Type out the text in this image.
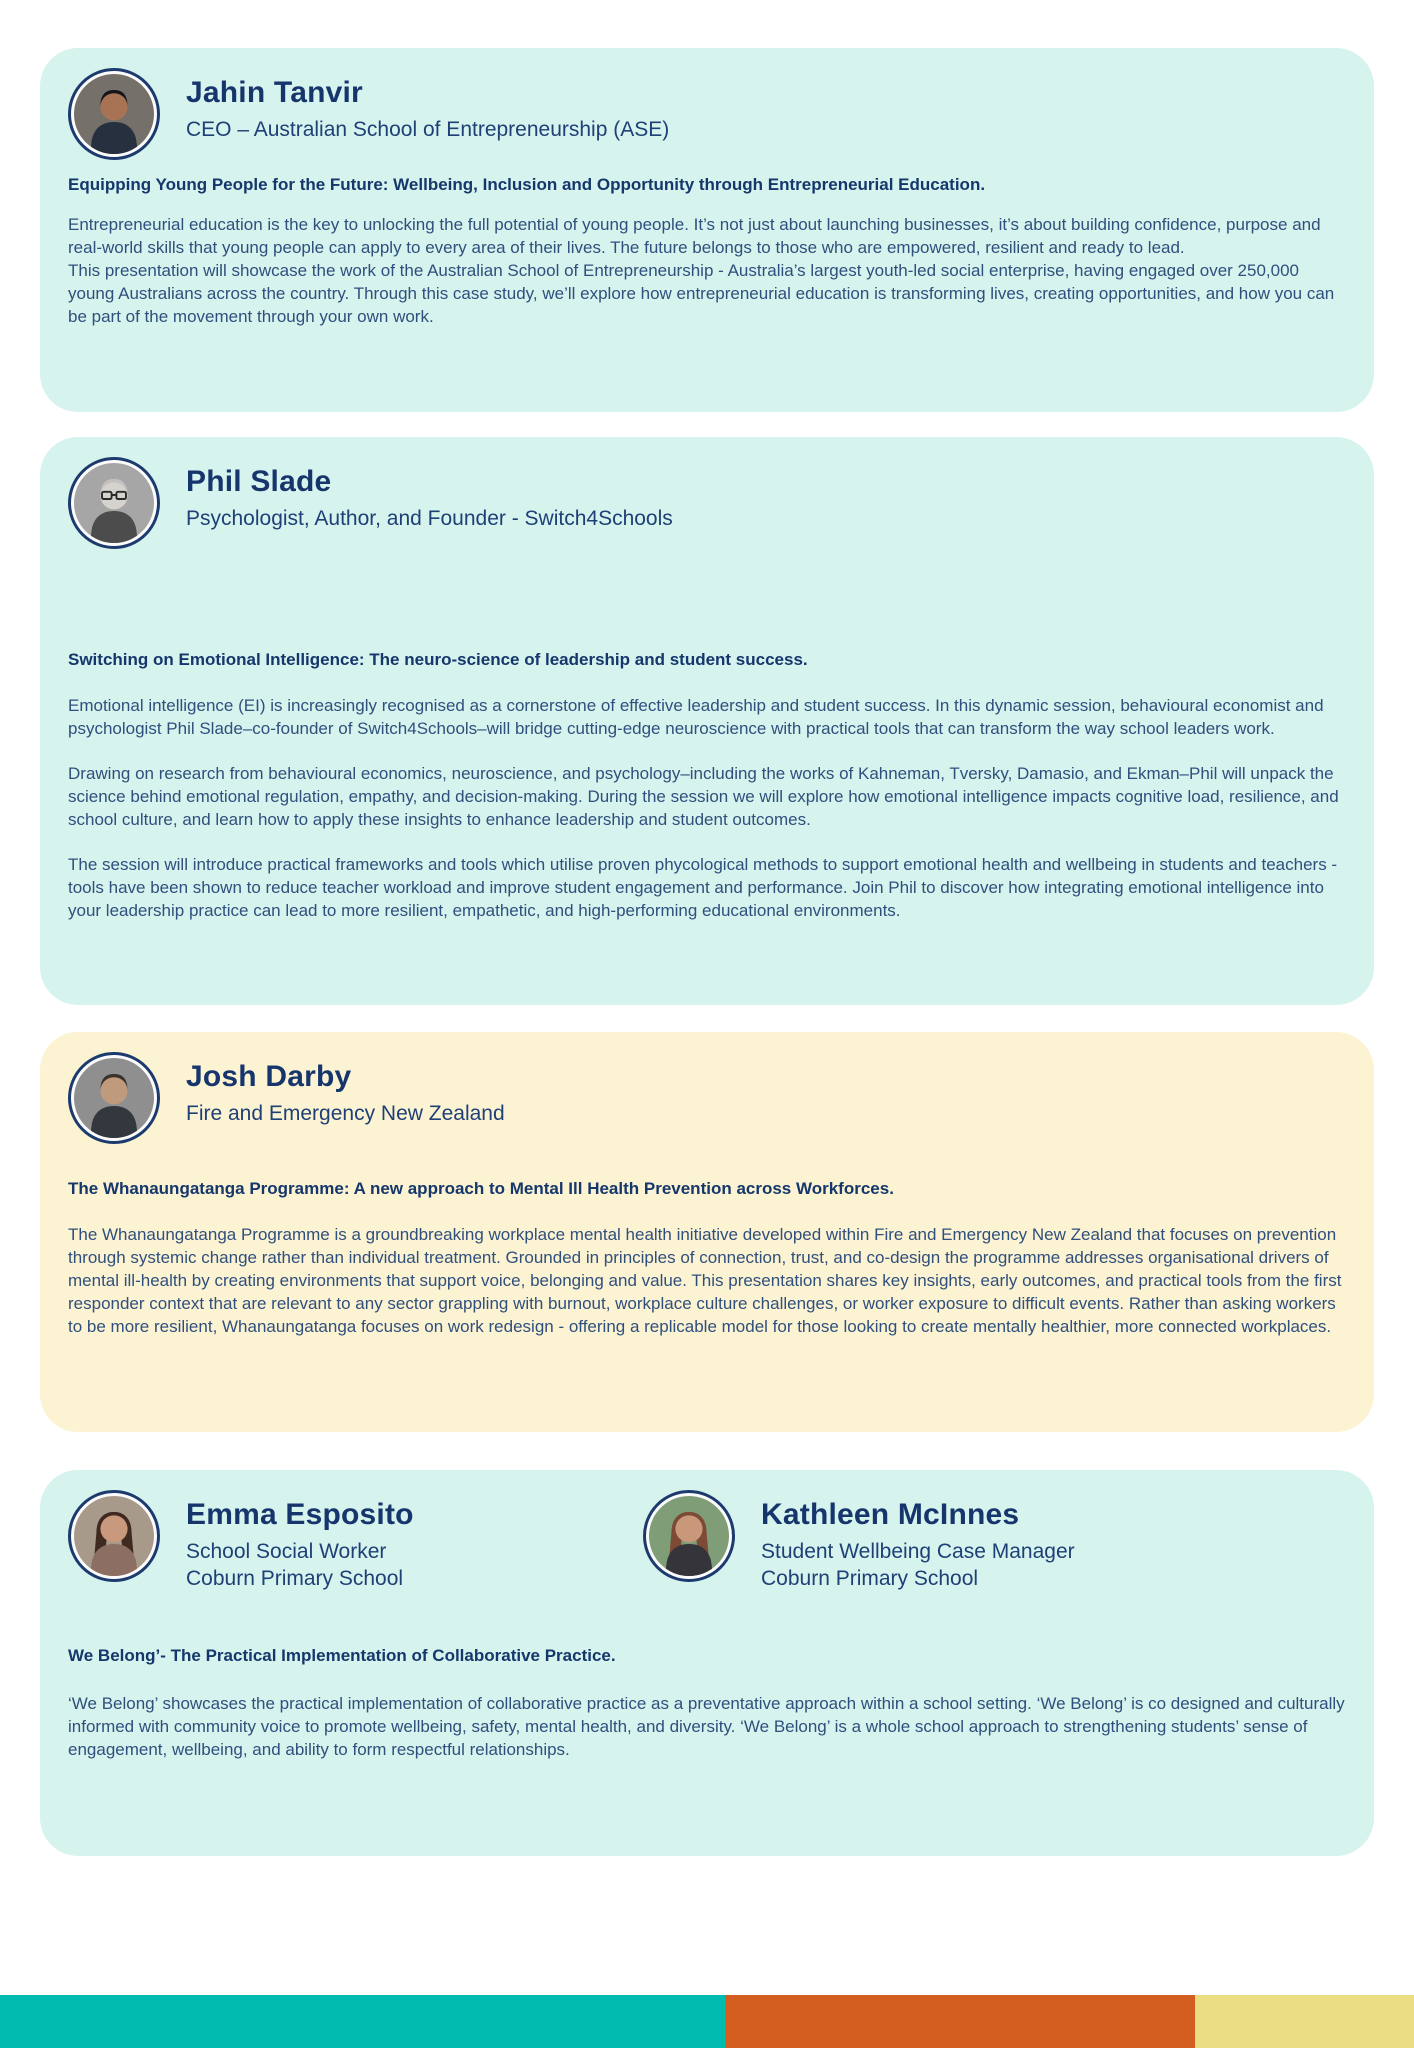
Jahin Tanvir
CEO – Australian School of Entrepreneurship (ASE)
Equipping Young People for the Future: Wellbeing, Inclusion and Opportunity through Entrepreneurial Education.

Entrepreneurial education is the key to unlocking the full potential of young people. It’s not just about launching businesses, it’s about building confidence, purpose and real-world skills that young people can apply to every area of their lives. The future belongs to those who are empowered, resilient and ready to lead.

This presentation will showcase the work of the Australian School of Entrepreneurship - Australia’s largest youth-led social enterprise, having engaged over 250,000 young Australians across the country. Through this case study, we’ll explore how entrepreneurial education is transforming lives, creating opportunities, and how you can be part of the movement through your own work.

Phil Slade
Psychologist, Author, and Founder - Switch4Schools
Switching on Emotional Intelligence: The neuro-science of leadership and student success.

Emotional intelligence (EI) is increasingly recognised as a cornerstone of effective leadership and student success. In this dynamic session, behavioural economist and psychologist Phil Slade–co-founder of Switch4Schools–will bridge cutting-edge neuroscience with practical tools that can transform the way school leaders work.

Drawing on research from behavioural economics, neuroscience, and psychology–including the works of Kahneman, Tversky, Damasio, and Ekman–Phil will unpack the science behind emotional regulation, empathy, and decision-making. During the session we will explore how emotional intelligence impacts cognitive load, resilience, and school culture, and learn how to apply these insights to enhance leadership and student outcomes.

The session will introduce practical frameworks and tools which utilise proven phycological methods to support emotional health and wellbeing in students and teachers - tools have been shown to reduce teacher workload and improve student engagement and performance. Join Phil to discover how integrating emotional intelligence into your leadership practice can lead to more resilient, empathetic, and high-performing educational environments.

Josh Darby
Fire and Emergency New Zealand
The Whanaungatanga Programme: A new approach to Mental Ill Health Prevention across Workforces.

The Whanaungatanga Programme is a groundbreaking workplace mental health initiative developed within Fire and Emergency New Zealand that focuses on prevention through systemic change rather than individual treatment. Grounded in principles of connection, trust, and co-design the programme addresses organisational drivers of mental ill-health by creating environments that support voice, belonging and value. This presentation shares key insights, early outcomes, and practical tools from the first responder context that are relevant to any sector grappling with burnout, workplace culture challenges, or worker exposure to difficult events. Rather than asking workers to be more resilient, Whanaungatanga focuses on work redesign - offering a replicable model for those looking to create mentally healthier, more connected workplaces.

Emma Esposito
School Social Worker
Coburn Primary School
Kathleen McInnes
Student Wellbeing Case Manager
Coburn Primary School
We Belong’- The Practical Implementation of Collaborative Practice.

‘We Belong’ showcases the practical implementation of collaborative practice as a preventative approach within a school setting. ‘We Belong’ is co designed and culturally informed with community voice to promote wellbeing, safety, mental health, and diversity. ‘We Belong’ is a whole school approach to strengthening students’ sense of engagement, wellbeing, and ability to form respectful relationships.
